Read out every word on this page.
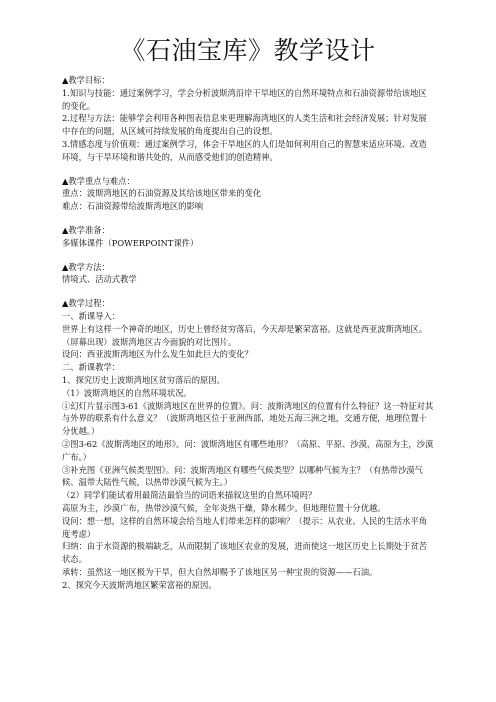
《石油宝库》教学设计
▲教学目标：
1.知识与技能：通过案例学习，学会分析波斯湾沿岸干旱地区的自然环境特点和石油资源带给该地区的变化。
2.过程与方法：能够学会利用各种图表信息来更理解海湾地区的人类生活和社会经济发展；针对发展中存在的问题，从区域可持续发展的角度提出自己的设想。
3.情感态度与价值观：通过案例学习，体会干旱地区的人们是如何利用自己的智慧来适应环境、改造环境，与干旱环境和谐共处的，从而感受他们的创造精神。
▲教学重点与难点：
重点：波斯湾地区的石油资源及其给该地区带来的变化
难点：石油资源带给波斯湾地区的影响
▲教学准备：
多媒体课件（POWERPOINT课件）
▲教学方法：
情境式、活动式教学
▲教学过程：
一、新课导入：
世界上有这样一个神奇的地区，历史上曾经贫穷落后，今天却是繁荣富裕。这就是西亚波斯湾地区。（屏幕出现）波斯湾地区古今面貌的对比图片。
设问：西亚波斯湾地区为什么发生如此巨大的变化？
二、新课教学：
1、探究历史上波斯湾地区贫穷落后的原因。
（1）波斯湾地区的自然环境状况。
①幻灯片显示图3-61《波斯湾地区在世界的位置》。问：波斯湾地区的位置有什么特征？这一特征对其与外界的联系有什么意义？（波斯湾地区位于亚洲西部，地处五海三洲之地，交通方便，地理位置十分优越。）
②图3-62《波斯湾地区的地形》。问：波斯湾地区有哪些地形？（高原、平原、沙漠，高原为主，沙漠广布。）
③补充图《亚洲气候类型图》。问：波斯湾地区有哪些气候类型？以哪种气候为主？（有热带沙漠气候、温带大陆性气候，以热带沙漠气候为主。）
（2）同学们能试着用最简洁最恰当的词语来描叙这里的自然环境吗？
高原为主，沙漠广布，热带沙漠气候，全年炎热干燥，降水稀少。但地理位置十分优越。
设问：想一想，这样的自然环境会给当地人们带来怎样的影响？（提示：从农业、人民的生活水平角度考虑）
归纳：由于水资源的极端缺乏，从而限制了该地区农业的发展，进而使这一地区历史上长期处于贫苦状态。
承转：虽然这一地区极为干旱，但大自然却赐予了该地区另一种宝贵的资源——石油。
2、探究今天波斯湾地区繁荣富裕的原因。
